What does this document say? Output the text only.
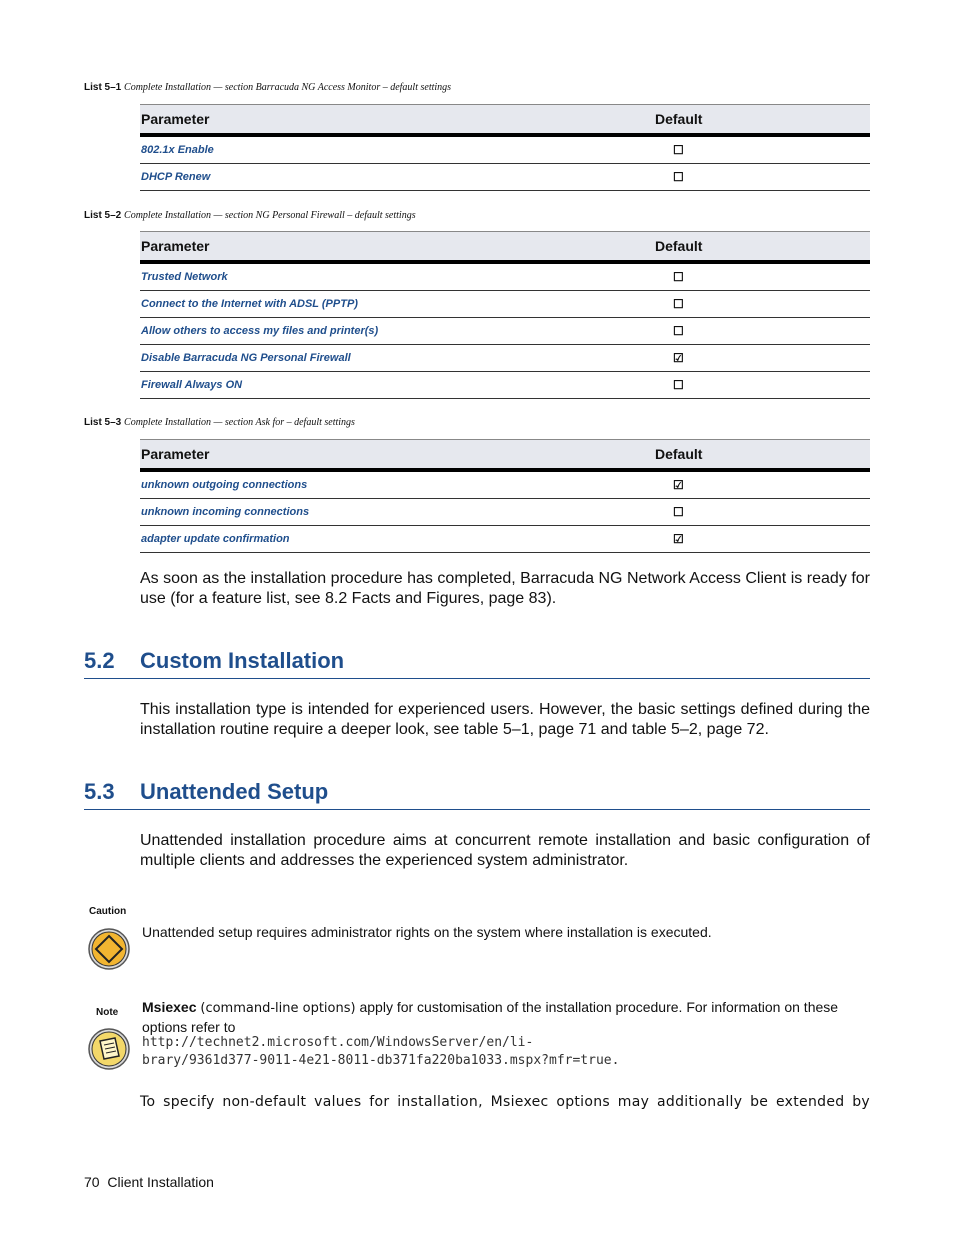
List 5–1 Complete Installation — section Barracuda NG Access Monitor – default settings
Parameter	Default
802.1x Enable	☐
DHCP Renew	☐
List 5–2 Complete Installation — section NG Personal Firewall – default settings
Parameter	Default
Trusted Network	☐
Connect to the Internet with ADSL (PPTP)	☐
Allow others to access my files and printer(s)	☐
Disable Barracuda NG Personal Firewall	☑
Firewall Always ON	☐
List 5–3 Complete Installation — section Ask for – default settings
Parameter	Default
unknown outgoing connections	☑
unknown incoming connections	☐
adapter update confirmation	☑
As soon as the installation procedure has completed, Barracuda NG Network Access Client is ready for use (for a feature list, see 8.2 Facts and Figures, page 83).
5.2 Custom Installation
This installation type is intended for experienced users. However, the basic settings defined during the installation routine require a deeper look, see table 5–1, page 71 and table 5–2, page 72.
5.3 Unattended Setup
Unattended installation procedure aims at concurrent remote installation and basic configuration of multiple clients and addresses the experienced system administrator.
Caution
Unattended setup requires administrator rights on the system where installation is executed.
Note Msiexec (command-line options) apply for customisation of the installation procedure. For information on these options refer to
http://technet2.microsoft.com/WindowsServer/en/li-
brary/9361d377-9011-4e21-8011-db371fa220ba1033.mspx?mfr=true.
To specify non-default values for installation, Msiexec options may additionally be extended by
70 Client Installation
